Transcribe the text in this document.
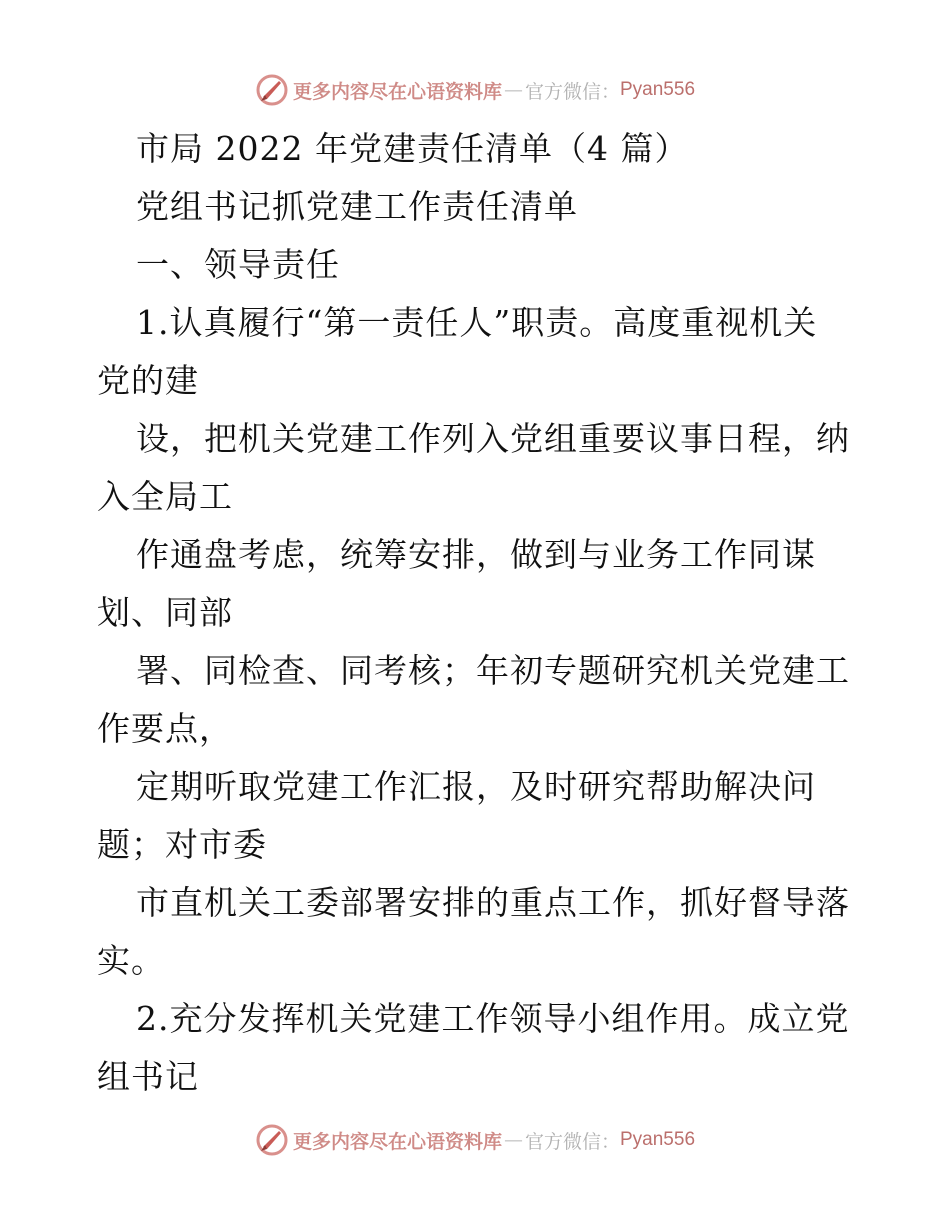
更多内容尽在心语资料库 — 官方微信： Pyan556
市局 2022 年党建责任清单（4 篇）
党组书记抓党建工作责任清单
一、领导责任
1.认真履行“第一责任人”职责。高度重视机关
党的建
设，把机关党建工作列入党组重要议事日程，纳
入全局工
作通盘考虑，统筹安排，做到与业务工作同谋
划、同部
署、同检查、同考核；年初专题研究机关党建工
作要点，
定期听取党建工作汇报，及时研究帮助解决问
题；对市委
市直机关工委部署安排的重点工作，抓好督导落
实。
2.充分发挥机关党建工作领导小组作用。成立党
组书记
更多内容尽在心语资料库 — 官方微信： Pyan556
